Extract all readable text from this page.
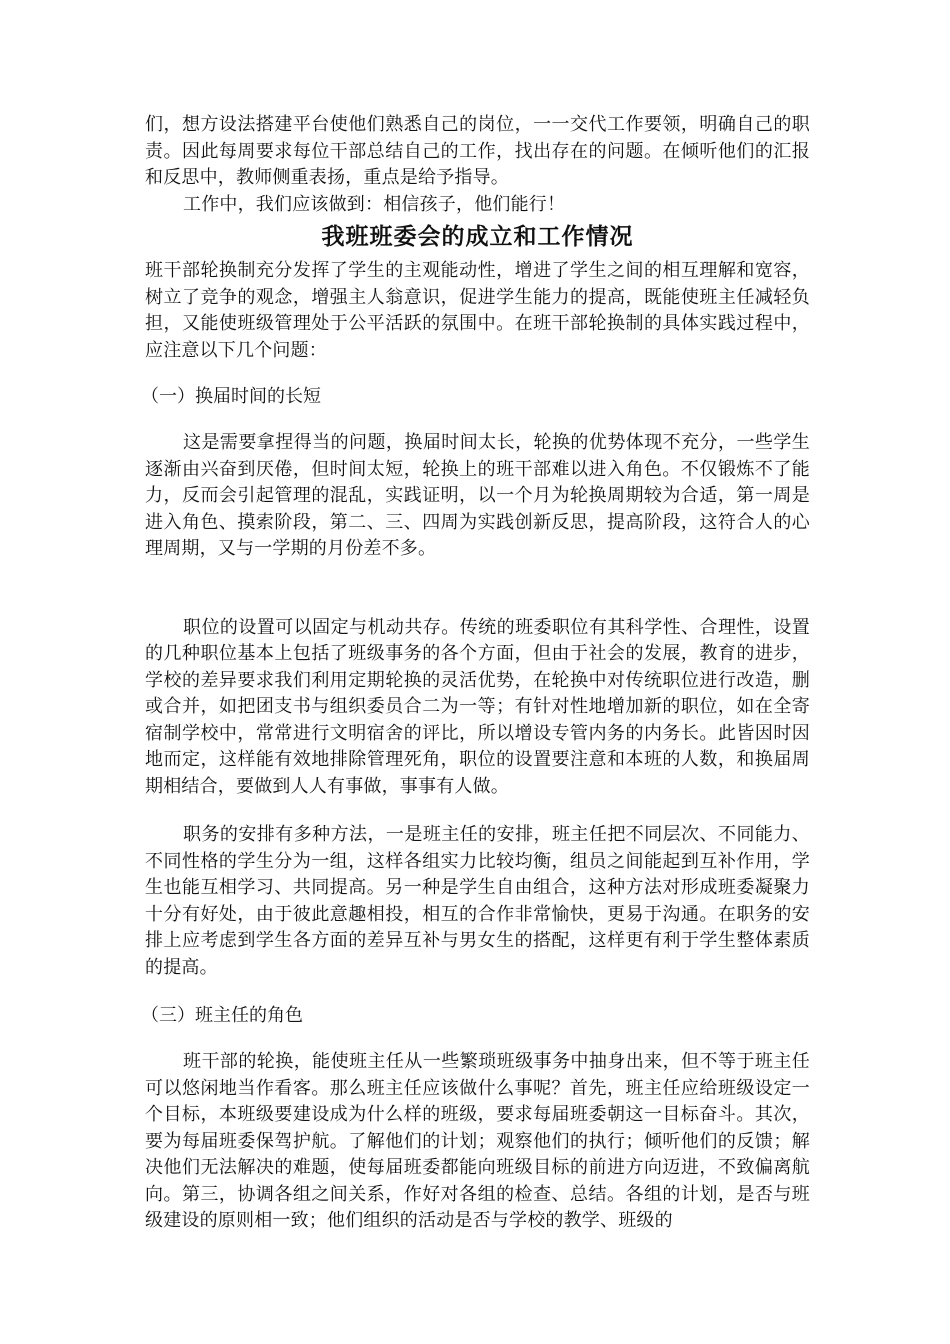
们，想方设法搭建平台使他们熟悉自己的岗位，一一交代工作要领，明确自己的职责。因此每周要求每位干部总结自己的工作，找出存在的问题。在倾听他们的汇报和反思中，教师侧重表扬，重点是给予指导。

工作中，我们应该做到：相信孩子，他们能行！

我班班委会的成立和工作情况

班干部轮换制充分发挥了学生的主观能动性，增进了学生之间的相互理解和宽容，树立了竞争的观念，增强主人翁意识，促进学生能力的提高，既能使班主任减轻负担，又能使班级管理处于公平活跃的氛围中。在班干部轮换制的具体实践过程中，应注意以下几个问题：

（一）换届时间的长短

这是需要拿捏得当的问题，换届时间太长，轮换的优势体现不充分，一些学生逐渐由兴奋到厌倦，但时间太短，轮换上的班干部难以进入角色。不仅锻炼不了能力，反而会引起管理的混乱，实践证明，以一个月为轮换周期较为合适，第一周是进入角色、摸索阶段，第二、三、四周为实践创新反思，提高阶段，这符合人的心理周期，又与一学期的月份差不多。

职位的设置可以固定与机动共存。传统的班委职位有其科学性、合理性，设置的几种职位基本上包括了班级事务的各个方面，但由于社会的发展，教育的进步，学校的差异要求我们利用定期轮换的灵活优势，在轮换中对传统职位进行改造，删或合并，如把团支书与组织委员合二为一等；有针对性地增加新的职位，如在全寄宿制学校中，常常进行文明宿舍的评比，所以增设专管内务的内务长。此皆因时因地而定，这样能有效地排除管理死角，职位的设置要注意和本班的人数，和换届周期相结合，要做到人人有事做，事事有人做。

职务的安排有多种方法，一是班主任的安排，班主任把不同层次、不同能力、不同性格的学生分为一组，这样各组实力比较均衡，组员之间能起到互补作用，学生也能互相学习、共同提高。另一种是学生自由组合，这种方法对形成班委凝聚力十分有好处，由于彼此意趣相投，相互的合作非常愉快，更易于沟通。在职务的安排上应考虑到学生各方面的差异互补与男女生的搭配，这样更有利于学生整体素质的提高。

（三）班主任的角色

班干部的轮换，能使班主任从一些繁琐班级事务中抽身出来，但不等于班主任可以悠闲地当作看客。那么班主任应该做什么事呢？首先，班主任应给班级设定一个目标，本班级要建设成为什么样的班级，要求每届班委朝这一目标奋斗。其次，要为每届班委保驾护航。了解他们的计划；观察他们的执行；倾听他们的反馈；解决他们无法解决的难题，使每届班委都能向班级目标的前进方向迈进，不致偏离航向。第三，协调各组之间关系，作好对各组的检查、总结。各组的计划，是否与班级建设的原则相一致；他们组织的活动是否与学校的教学、班级的
